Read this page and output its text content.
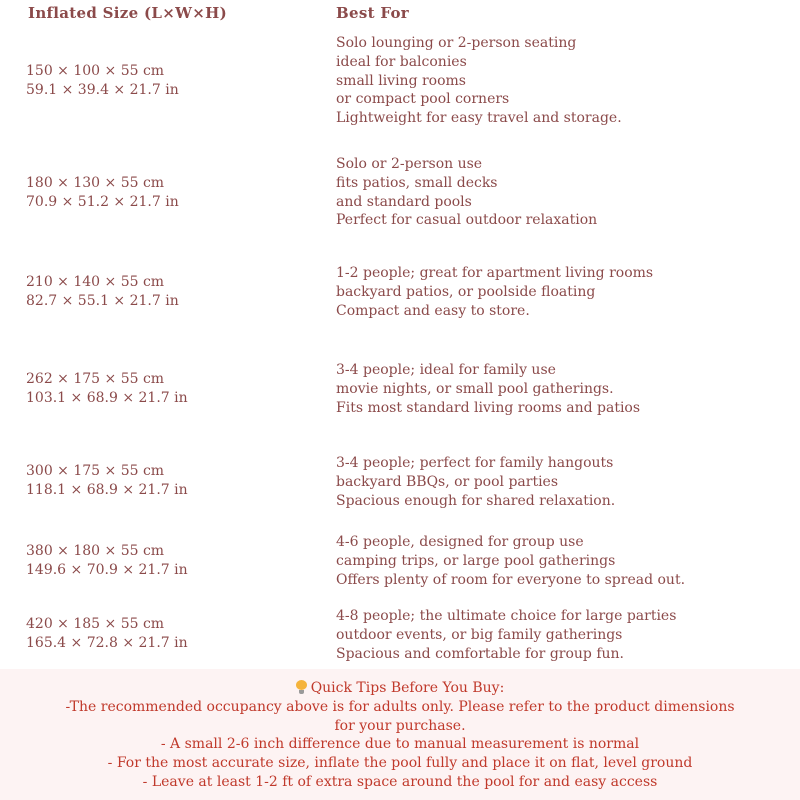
Inflated Size (L×W×H)	Best For
150 × 100 × 55 cm
59.1 × 39.4 × 21.7 in
Solo lounging or 2-person seating
ideal for balconies
small living rooms
or compact pool corners
Lightweight for easy travel and storage.
180 × 130 × 55 cm
70.9 × 51.2 × 21.7 in
Solo or 2-person use
fits patios, small decks
and standard pools
Perfect for casual outdoor relaxation
210 × 140 × 55 cm
82.7 × 55.1 × 21.7 in
1-2 people; great for apartment living rooms
backyard patios, or poolside floating
Compact and easy to store.
262 × 175 × 55 cm
103.1 × 68.9 × 21.7 in
3-4 people; ideal for family use
movie nights, or small pool gatherings.
Fits most standard living rooms and patios
300 × 175 × 55 cm
118.1 × 68.9 × 21.7 in
3-4 people; perfect for family hangouts
backyard BBQs, or pool parties
Spacious enough for shared relaxation.
380 × 180 × 55 cm
149.6 × 70.9 × 21.7 in
4-6 people, designed for group use
camping trips, or large pool gatherings
Offers plenty of room for everyone to spread out.
420 × 185 × 55 cm
165.4 × 72.8 × 21.7 in
4-8 people; the ultimate choice for large parties
outdoor events, or big family gatherings
Spacious and comfortable for group fun.
Quick Tips Before You Buy:
-The recommended occupancy above is for adults only. Please refer to the product dimensions
for your purchase.
- A small 2-6 inch difference due to manual measurement is normal
- For the most accurate size, inflate the pool fully and place it on flat, level ground
- Leave at least 1-2 ft of extra space around the pool for and easy access
